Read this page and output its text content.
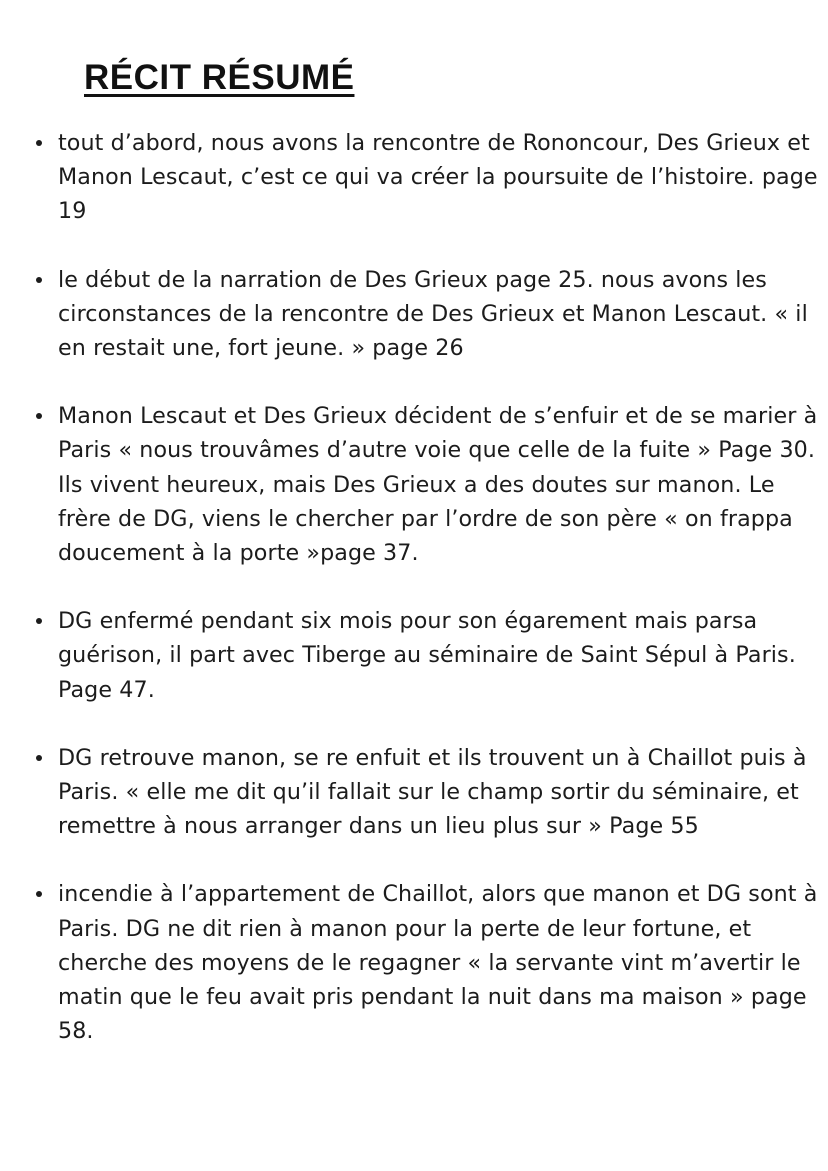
RÉCIT RÉSUMÉ
tout d’abord, nous avons la rencontre de Rononcour, Des Grieux et Manon Lescaut, c’est ce qui va créer la poursuite de l’histoire. page 19
le début de la narration de Des Grieux page 25. nous avons les circonstances de la rencontre de Des Grieux et Manon Lescaut. « il en restait une, fort jeune. » page 26
Manon Lescaut et Des Grieux décident de s’enfuir et de se marier à Paris « nous trouvâmes d’autre voie que celle de la fuite » Page 30. Ils vivent heureux, mais Des Grieux a des doutes sur manon. Le frère de DG, viens le chercher par l’ordre de son père « on frappa doucement à la porte »page 37.
DG enfermé pendant six mois pour son égarement mais parsa guérison, il part avec Tiberge au séminaire de Saint Sépul à Paris. Page 47.
DG retrouve manon, se re enfuit et ils trouvent un à Chaillot puis à Paris. « elle me dit qu’il fallait sur le champ sortir du séminaire, et remettre à nous arranger dans un lieu plus sur » Page 55
incendie à l’appartement de Chaillot, alors que manon et DG sont à Paris. DG ne dit rien à manon pour la perte de leur fortune, et cherche des moyens de le regagner « la servante vint m’avertir le matin que le feu avait pris pendant la nuit dans ma maison » page 58.
